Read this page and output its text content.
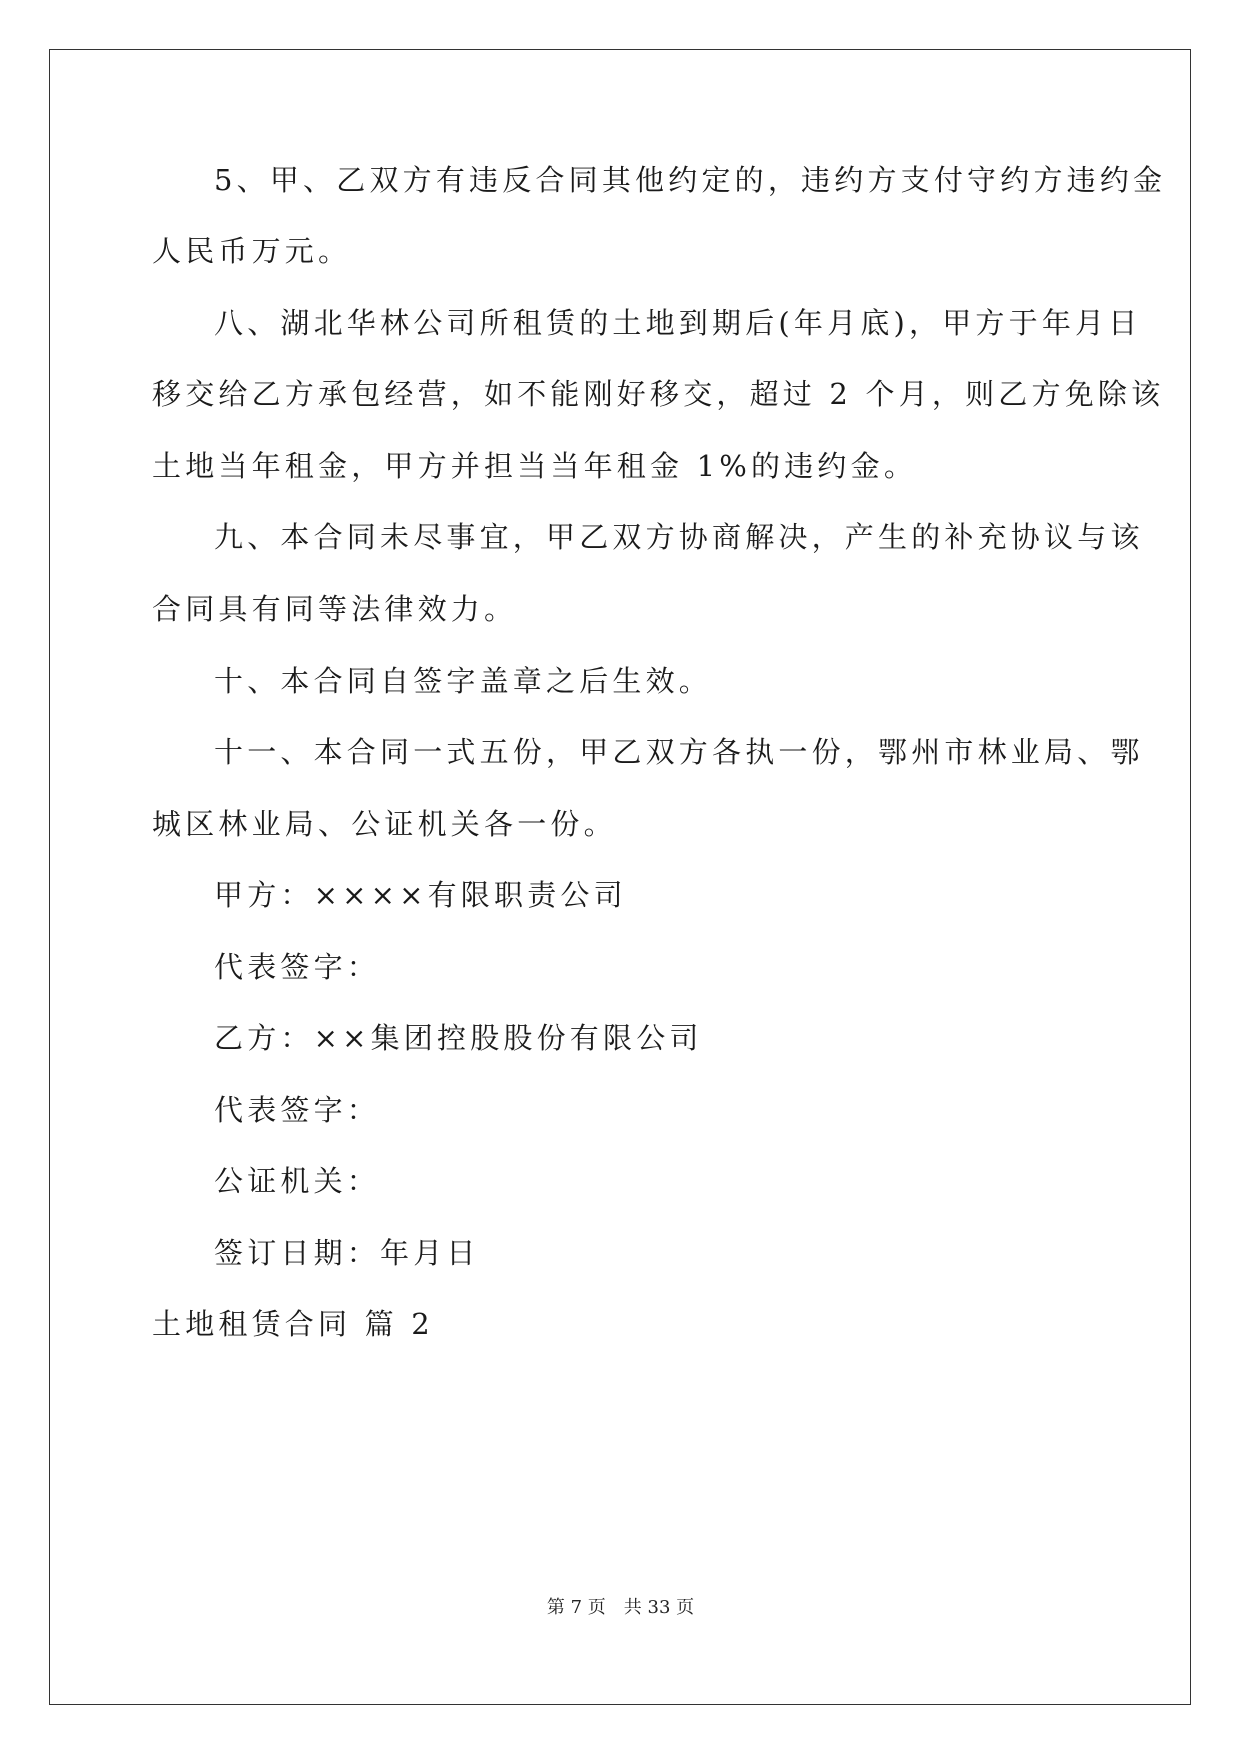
5、甲、乙双方有违反合同其他约定的，违约方支付守约方违约金
人民币万元。
八、湖北华林公司所租赁的土地到期后(年月底)，甲方于年月日
移交给乙方承包经营，如不能刚好移交，超过 2 个月，则乙方免除该
土地当年租金，甲方并担当当年租金 1%的违约金。
九、本合同未尽事宜，甲乙双方协商解决，产生的补充协议与该
合同具有同等法律效力。
十、本合同自签字盖章之后生效。
十一、本合同一式五份，甲乙双方各执一份，鄂州市林业局、鄂
城区林业局、公证机关各一份。
甲方：××××有限职责公司
代表签字：
乙方：××集团控股股份有限公司
代表签字：
公证机关：
签订日期：年月日
土地租赁合同 篇 2
第 7 页　共 33 页
